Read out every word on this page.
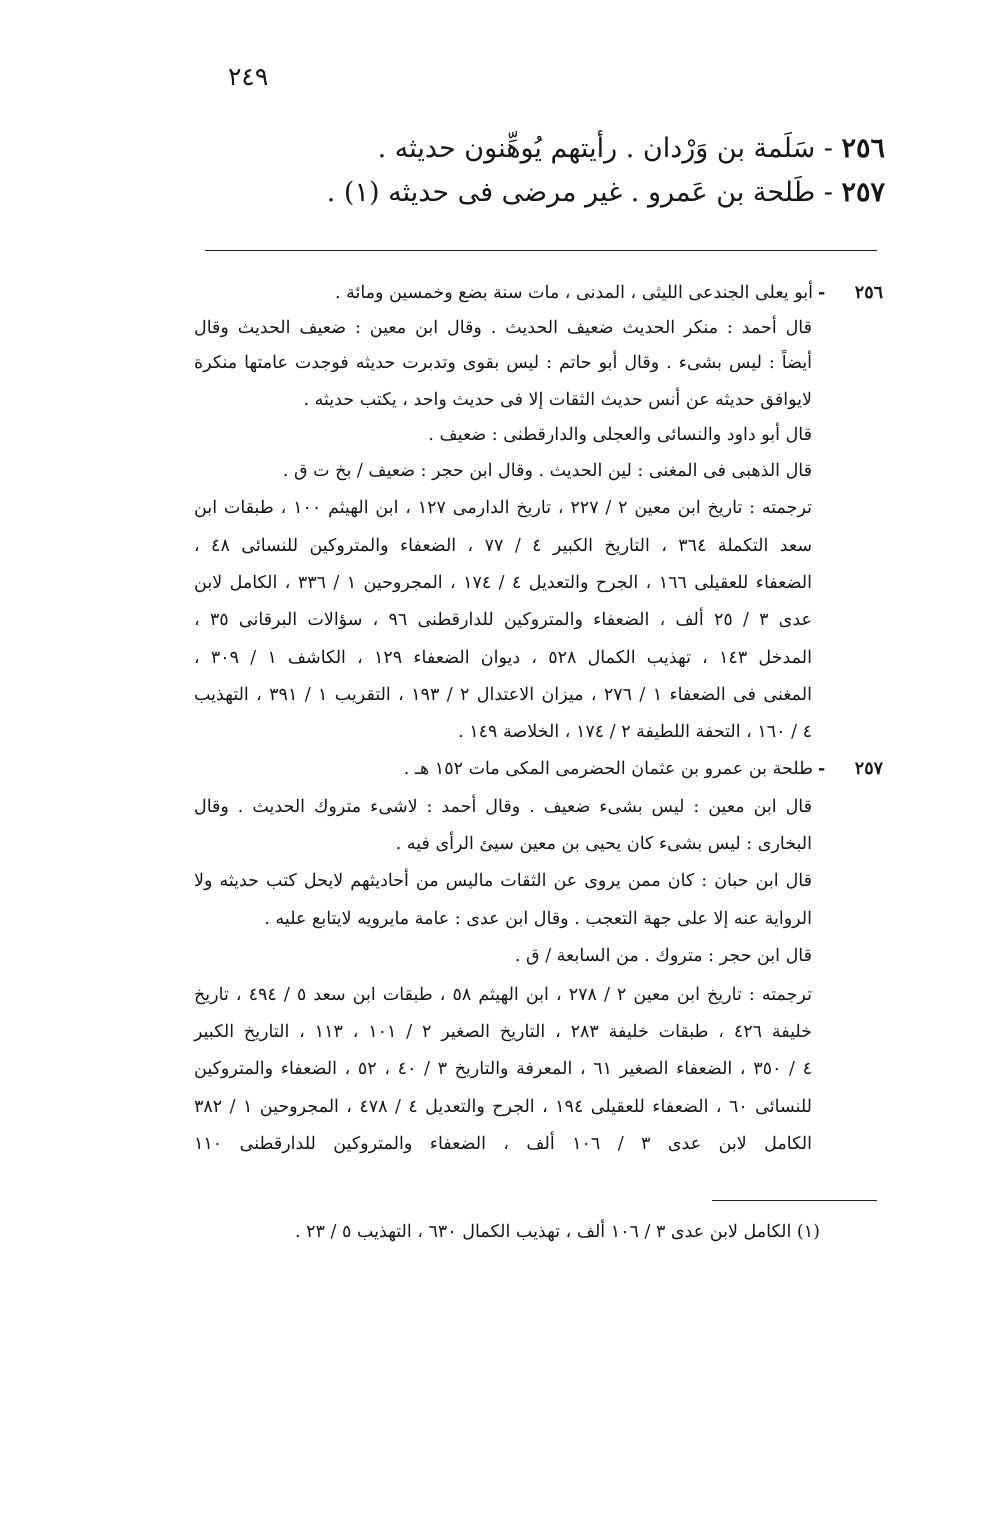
٢٤٩
٢٥٦ - سَلَمة بن وَرْدان . رأيتهم يُوهِّنون حديثه .
٢٥٧ - طَلحة بن عَمرو . غير مرضى فى حديثه (١) .
٢٥٦ -
أبو يعلى الجندعى الليثى ، المدنى ، مات سنة بضع وخمسين ومائة .
قال أحمد : منكر الحديث ضعيف الحديث . وقال ابن معين : ضعيف الحديث وقال
أيضاً : ليس بشىء . وقال أبو حاتم : ليس بقوى وتدبرت حديثه فوجدت عامتها منكرة
لايوافق حديثه عن أنس حديث الثقات إلا فى حديث واحد ، يكتب حديثه .
قال أبو داود والنسائى والعجلى والدارقطنى : ضعيف .
قال الذهبى فى المغنى : لين الحديث . وقال ابن حجر : ضعيف / بخ ت ق .
ترجمته : تاريخ ابن معين ٢ / ٢٢٧ ، تاريخ الدارمى ١٢٧ ، ابن الهيثم ١٠٠ ، طبقات ابن
سعد التكملة ٣٦٤ ، التاريخ الكبير ٤ / ٧٧ ، الضعفاء والمتروكين للنسائى ٤٨ ،
الضعفاء للعقيلى ١٦٦ ، الجرح والتعديل ٤ / ١٧٤ ، المجروحين ١ / ٣٣٦ ، الكامل لابن
عدى ٣ / ٢٥ ألف ، الضعفاء والمتروكين للدارقطنى ٩٦ ، سؤالات البرقانى ٣٥ ،
المدخل ١٤٣ ، تهذيب الكمال ٥٢٨ ، ديوان الضعفاء ١٢٩ ، الكاشف ١ / ٣٠٩ ،
المغنى فى الضعفاء ١ / ٢٧٦ ، ميزان الاعتدال ٢ / ١٩٣ ، التقريب ١ / ٣٩١ ، التهذيب
٤ / ١٦٠ ، التحفة اللطيفة ٢ / ١٧٤ ، الخلاصة ١٤٩ .
٢٥٧ -
طلحة بن عمرو بن عثمان الحضرمى المكى مات ١٥٢ هـ .
قال ابن معين : ليس بشىء ضعيف . وقال أحمد : لاشىء متروك الحديث . وقال
البخارى : ليس بشىء كان يحيى بن معين سيئ الرأى فيه .
قال ابن حبان : كان ممن يروى عن الثقات ماليس من أحاديثهم لايحل كتب حديثه ولا
الرواية عنه إلا على جهة التعجب . وقال ابن عدى : عامة مايرويه لايتابع عليه .
قال ابن حجر : متروك . من السابعة / ق .
ترجمته : تاريخ ابن معين ٢ / ٢٧٨ ، ابن الهيثم ٥٨ ، طبقات ابن سعد ٥ / ٤٩٤ ، تاريخ
خليفة ٤٢٦ ، طبقات خليفة ٢٨٣ ، التاريخ الصغير ٢ / ١٠١ ، ١١٣ ، التاريخ الكبير
٤ / ٣٥٠ ، الضعفاء الصغير ٦١ ، المعرفة والتاريخ ٣ / ٤٠ ، ٥٢ ، الضعفاء والمتروكين
للنسائى ٦٠ ، الضعفاء للعقيلى ١٩٤ ، الجرح والتعديل ٤ / ٤٧٨ ، المجروحين ١ / ٣٨٢
الكامل لابن عدى ٣ / ١٠٦ ألف ، الضعفاء والمتروكين للدارقطنى ١١٠
(١) الكامل لابن عدى ٣ / ١٠٦ ألف ، تهذيب الكمال ٦٣٠ ، التهذيب ٥ / ٢٣ .
